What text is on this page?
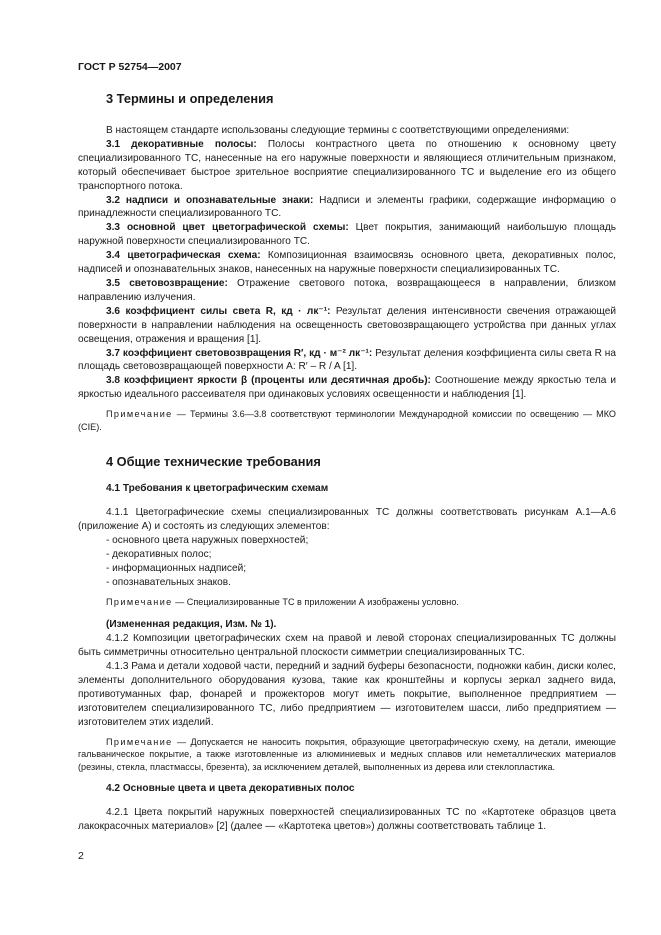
ГОСТ Р 52754—2007
3 Термины и определения

В настоящем стандарте использованы следующие термины с соответствующими определениями:

3.1 декоративные полосы: Полосы контрастного цвета по отношению к основному цвету специализированного ТС, нанесенные на его наружные поверхности и являющиеся отличительным признаком, который обеспечивает быстрое зрительное восприятие специализированного ТС и выделение его из общего транспортного потока.

3.2 надписи и опознавательные знаки: Надписи и элементы графики, содержащие информацию о принадлежности специализированного ТС.

3.3 основной цвет цветографической схемы: Цвет покрытия, занимающий наибольшую площадь наружной поверхности специализированного ТС.

3.4 цветографическая схема: Композиционная взаимосвязь основного цвета, декоративных полос, надписей и опознавательных знаков, нанесенных на наружные поверхности специализированных ТС.

3.5 световозвращение: Отражение светового потока, возвращающееся в направлении, близком направлению излучения.

3.6 коэффициент силы света R, кд · лк⁻¹: Результат деления интенсивности свечения отражающей поверхности в направлении наблюдения на освещенность световозвращающего устройства при данных углах освещения, отражения и вращения [1].

3.7 коэффициент световозвращения R′, кд · м⁻² лк⁻¹: Результат деления коэффициента силы света R на площадь световозвращающей поверхности A: R′ – R / A [1].

3.8 коэффициент яркости β (проценты или десятичная дробь): Соотношение между яркостью тела и яркостью идеального рассеивателя при одинаковых условиях освещенности и наблюдения [1].

Примечание — Термины 3.6—3.8 соответствуют терминологии Международной комиссии по освещению — МКО (CIE).

4 Общие технические требования
4.1 Требования к цветографическим схемам

4.1.1 Цветографические схемы специализированных ТС должны соответствовать рисункам А.1—А.6 (приложение А) и состоять из следующих элементов:

- основного цвета наружных поверхностей;
- декоративных полос;
- информационных надписей;
- опознавательных знаков.

Примечание — Специализированные ТС в приложении А изображены условно.

(Измененная редакция, Изм. № 1).

4.1.2 Композиции цветографических схем на правой и левой сторонах специализированных ТС должны быть симметричны относительно центральной плоскости симметрии специализированных ТС.

4.1.3 Рама и детали ходовой части, передний и задний буферы безопасности, подножки кабин, диски колес, элементы дополнительного оборудования кузова, такие как кронштейны и корпусы зеркал заднего вида, противотуманных фар, фонарей и прожекторов могут иметь покрытие, выполненное предприятием — изготовителем специализированного ТС, либо предприятием — изготовителем шасси, либо предприятием — изготовителем этих изделий.

Примечание — Допускается не наносить покрытия, образующие цветографическую схему, на детали, имеющие гальваническое покрытие, а также изготовленные из алюминиевых и медных сплавов или неметаллических материалов (резины, стекла, пластмассы, брезента), за исключением деталей, выполненных из дерева или стеклопластика.

4.2 Основные цвета и цвета декоративных полос

4.2.1 Цвета покрытий наружных поверхностей специализированных ТС по «Картотеке образцов цвета лакокрасочных материалов» [2] (далее — «Картотека цветов») должны соответствовать таблице 1.

2
